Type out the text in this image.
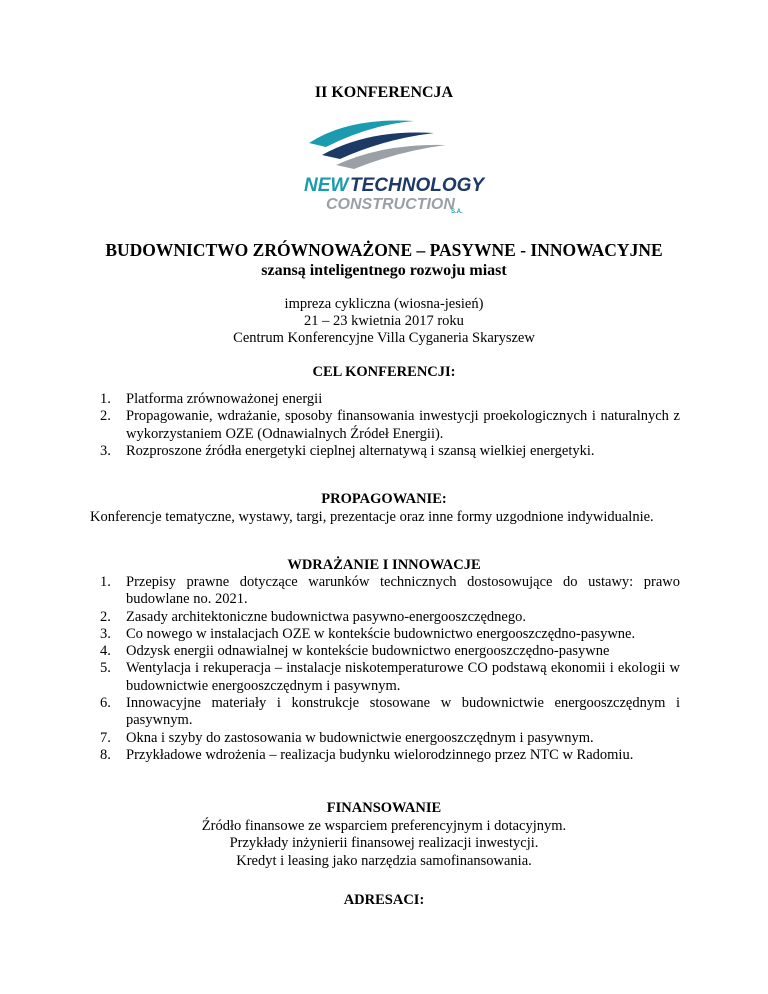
II KONFERENCJA
NEW TECHNOLOGY
CONSTRUCTION
S.A.
BUDOWNICTWO ZRÓWNOWAŻONE – PASYWNE - INNOWACYJNE
szansą inteligentnego rozwoju miast
impreza cykliczna (wiosna-jesień)
21 – 23 kwietnia 2017 roku
Centrum Konferencyjne Villa Cyganeria Skaryszew
CEL KONFERENCJI:
1. Platforma zrównoważonej energii
2. Propagowanie, wdrażanie, sposoby finansowania inwestycji proekologicznych i naturalnych z wykorzystaniem OZE (Odnawialnych Źródeł Energii).
3. Rozproszone źródła energetyki cieplnej alternatywą i szansą wielkiej energetyki.
PROPAGOWANIE:
Konferencje tematyczne, wystawy, targi, prezentacje oraz inne formy uzgodnione indywidualnie.
WDRAŻANIE I INNOWACJE
1. Przepisy prawne dotyczące warunków technicznych dostosowujące do ustawy: prawo budowlane no. 2021.
2. Zasady architektoniczne budownictwa pasywno-energooszczędnego.
3. Co nowego w instalacjach OZE w kontekście budownictwo energooszczędno-pasywne.
4. Odzysk energii odnawialnej w kontekście budownictwo energooszczędno-pasywne
5. Wentylacja i rekuperacja – instalacje niskotemperaturowe CO podstawą ekonomii i ekologii w budownictwie energooszczędnym i pasywnym.
6. Innowacyjne materiały i konstrukcje stosowane w budownictwie energooszczędnym i pasywnym.
7. Okna i szyby do zastosowania w budownictwie energooszczędnym i pasywnym.
8. Przykładowe wdrożenia – realizacja budynku wielorodzinnego przez NTC w Radomiu.
FINANSOWANIE
Źródło finansowe ze wsparciem preferencyjnym i dotacyjnym.
Przykłady inżynierii finansowej realizacji inwestycji.
Kredyt i leasing jako narzędzia samofinansowania.
ADRESACI:
